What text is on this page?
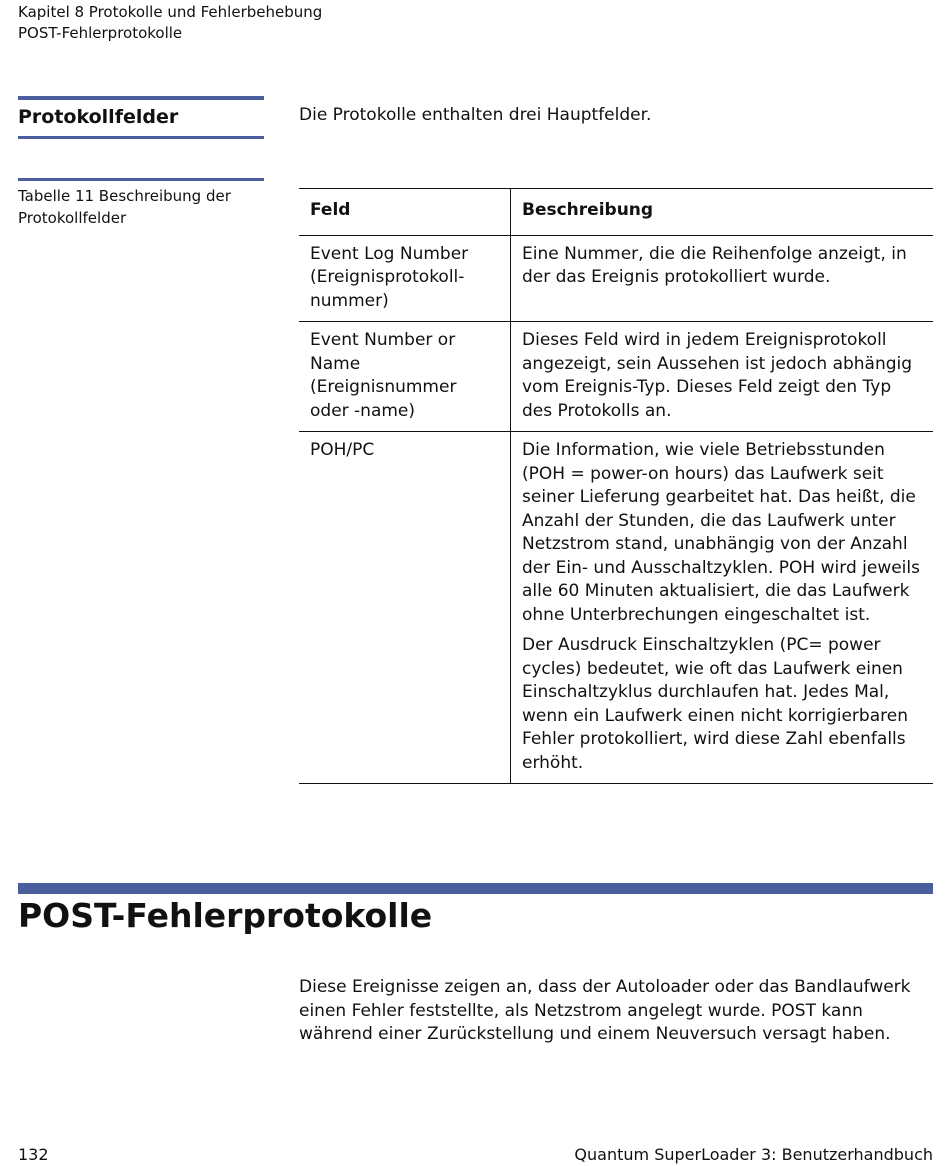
Kapitel 8 Protokolle und Fehlerbehebung
POST-Fehlerprotokolle
Protokollfelder	Die Protokolle enthalten drei Hauptfelder.
Tabelle 11 Beschreibung der Protokollfelder	Feld	Beschreibung
Event Log Number (Ereignisprotokoll-nummer)	Eine Nummer, die die Reihenfolge anzeigt, in der das Ereignis protokolliert wurde.

Event Number or Name (Ereignisnummer oder -name)	Dieses Feld wird in jedem Ereignisprotokoll angezeigt, sein Aussehen ist jedoch abhängig vom Ereignis-Typ. Dieses Feld zeigt den Typ des Protokolls an.

POH/PC	Die Information, wie viele Betriebsstunden (POH = power-on hours) das Laufwerk seit seiner Lieferung gearbeitet hat. Das heißt, die Anzahl der Stunden, die das Laufwerk unter Netzstrom stand, unabhängig von der Anzahl der Ein- und Ausschaltzyklen. POH wird jeweils alle 60 Minuten aktualisiert, die das Laufwerk ohne Unterbrechungen eingeschaltet ist.
Der Ausdruck Einschaltzyklen (PC= power cycles) bedeutet, wie oft das Laufwerk einen Einschaltzyklus durchlaufen hat. Jedes Mal, wenn ein Laufwerk einen nicht korrigierbaren Fehler protokolliert, wird diese Zahl ebenfalls erhöht.
POST-Fehlerprotokolle
Diese Ereignisse zeigen an, dass der Autoloader oder das Bandlaufwerk einen Fehler feststellte, als Netzstrom angelegt wurde. POST kann während einer Zurückstellung und einem Neuversuch versagt haben.
132	Quantum SuperLoader 3: Benutzerhandbuch
